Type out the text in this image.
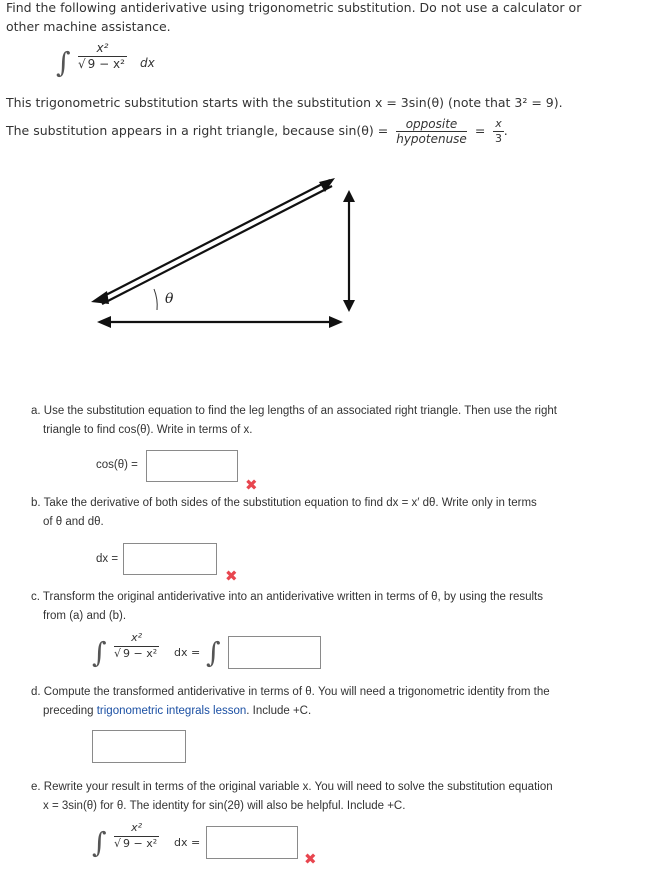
Find the following antiderivative using trigonometric substitution. Do not use a calculator or
other machine assistance.
∫ $\frac{\text{x²}}{\text{√ 9 − x²}}$ dx
This trigonometric substitution starts with the substitution x = 3sin(θ) (note that 3² = 9).
The substitution appears in a right triangle, because $\sin(\theta) = \frac{\text{opposite}}{\text{hypotenuse}} = \frac{x}{3}$ .
θ
a. Use the substitution equation to find the leg lengths of an associated right triangle. Then use the right
triangle to find cos(θ). Write in terms of x.
cos(θ) =
✖
b. Take the derivative of both sides of the substitution equation to find dx = x′ dθ. Write only in terms
of θ and dθ.
dx =
✖
c. Transform the original antiderivative into an antiderivative written in terms of θ, by using the results
from (a) and (b).
∫ $\frac{\text{x²}}{\text{√ 9 − x²}}$ dx = ∫
d. Compute the transformed antiderivative in terms of θ. You will need a trigonometric identity from the
preceding trigonometric integrals lesson. Include +C.
e. Rewrite your result in terms of the original variable x. You will need to solve the substitution equation
x = 3sin(θ) for θ. The identity for sin(2θ) will also be helpful. Include +C.
∫ $\frac{\text{x²}}{\text{√ 9 − x²}}$ dx =
✖
